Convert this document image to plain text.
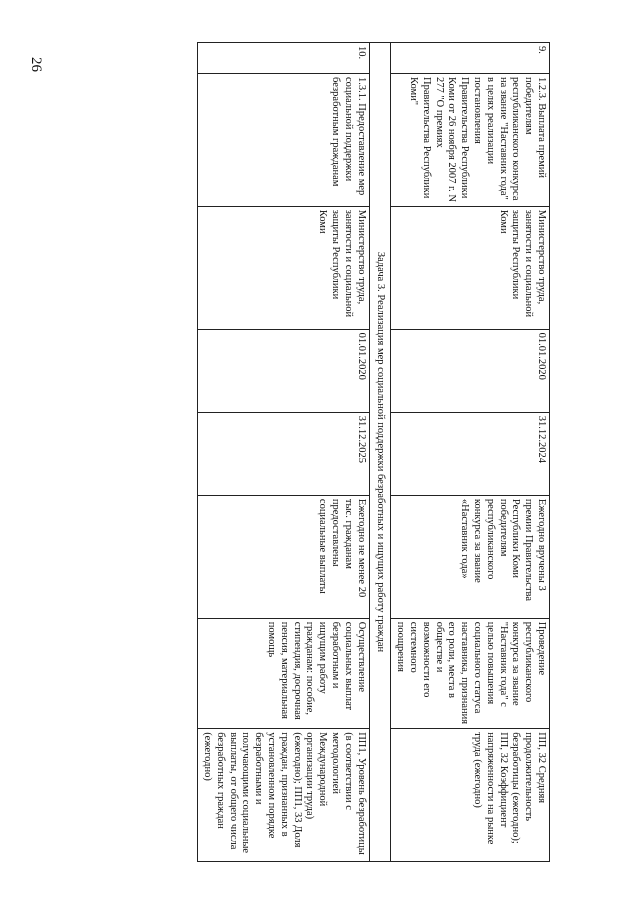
26
9.	1.2.3. Выплата премий победителям республиканского конкурса на звание "Наставник года" в целях реализации постановления Правительства Республики Коми от 26 ноября 2007 г. N 277 "О премиях Правительства Республики Коми"	Министерство труда, занятости и социальной защиты Республики Коми	01.01.2020	31.12.2024	Ежегодно вручены 3 премии Правительства Республики Коми победителям республиканского конкурса за звание «Наставник года»	Проведение республиканского конкурса за звание "Наставник года" с целью повышения социального статуса наставника, признания его роли, места в обществе и возможности его системного поощрения	ПП, 32 Средняя продолжительность безработицы (ежегодно); ПП, 32 Коэффициент напряженности на рынке труда (ежегодно)
Задача 3. Реализация мер социальной поддержки безработных и ищущих работу граждан							
10.	1.3.1. Предоставление мер социальной поддержки безработным гражданам	Министерство труда, занятости и социальной защиты Республики Коми	01.01.2020	31.12.2025	Ежегодно не менее 20 тыс. гражданам предоставлены социальные выплаты	Осуществление социальных выплат безработным и ищущим работу гражданам: пособие, стипендия, досрочная пенсия, материальная помощь	ПП1, Уровень безработицы (в соответствии с методологией Международной организации труда) (ежегодно); ПП1, 33 Доля граждан, признанных в установленном порядке безработными и получающими социальные выплаты, от общего числа безработных граждан (ежегодно)
